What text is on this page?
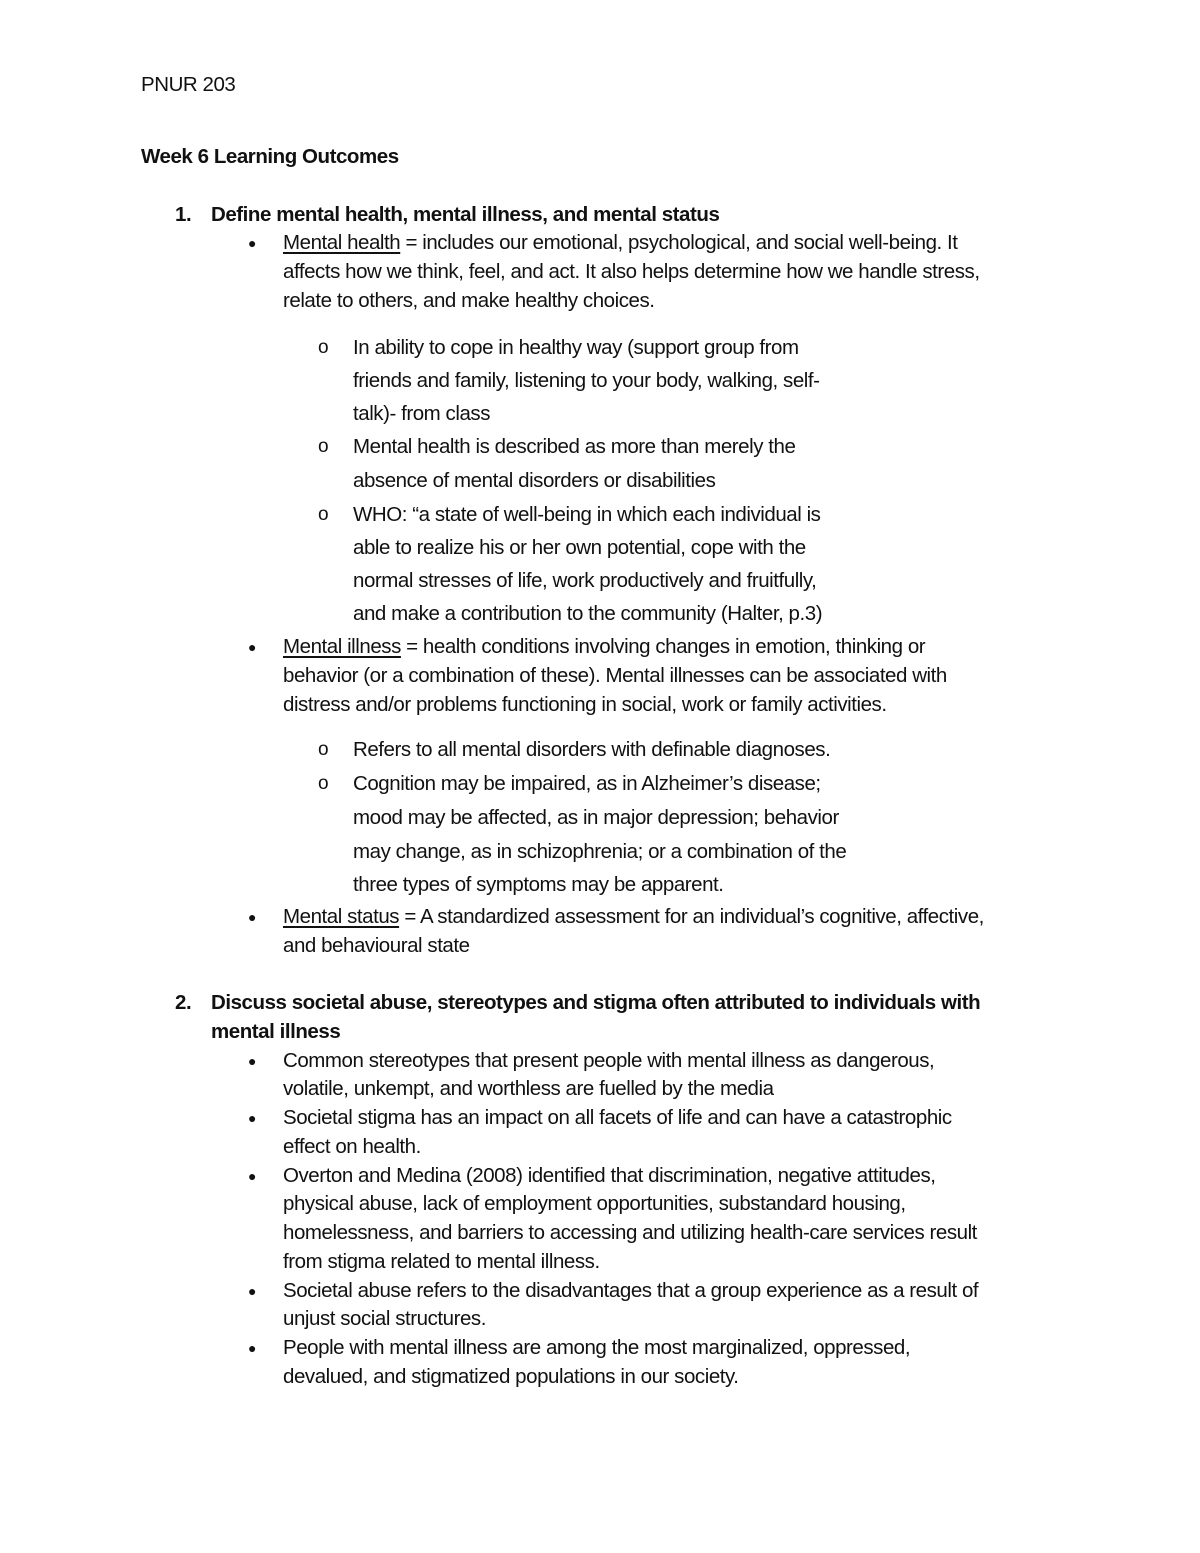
PNUR 203
Week 6 Learning Outcomes
1. Define mental health, mental illness, and mental status
● Mental health = includes our emotional, psychological, and social well-being. It
affects how we think, feel, and act. It also helps determine how we handle stress,
relate to others, and make healthy choices.
o In ability to cope in healthy way (support group from
friends and family, listening to your body, walking, self-
talk)- from class
o Mental health is described as more than merely the
absence of mental disorders or disabilities
o WHO: “a state of well-being in which each individual is
able to realize his or her own potential, cope with the
normal stresses of life, work productively and fruitfully,
and make a contribution to the community (Halter, p.3)
● Mental illness = health conditions involving changes in emotion, thinking or
behavior (or a combination of these). Mental illnesses can be associated with
distress and/or problems functioning in social, work or family activities.
o Refers to all mental disorders with definable diagnoses.
o Cognition may be impaired, as in Alzheimer’s disease;
mood may be affected, as in major depression; behavior
may change, as in schizophrenia; or a combination of the
three types of symptoms may be apparent.
● Mental status = A standardized assessment for an individual’s cognitive, affective,
and behavioural state
2. Discuss societal abuse, stereotypes and stigma often attributed to individuals with
mental illness
● Common stereotypes that present people with mental illness as dangerous,
volatile, unkempt, and worthless are fuelled by the media
● Societal stigma has an impact on all facets of life and can have a catastrophic
effect on health.
● Overton and Medina (2008) identified that discrimination, negative attitudes,
physical abuse, lack of employment opportunities, substandard housing,
homelessness, and barriers to accessing and utilizing health-care services result
from stigma related to mental illness.
● Societal abuse refers to the disadvantages that a group experience as a result of
unjust social structures.
● People with mental illness are among the most marginalized, oppressed,
devalued, and stigmatized populations in our society.
